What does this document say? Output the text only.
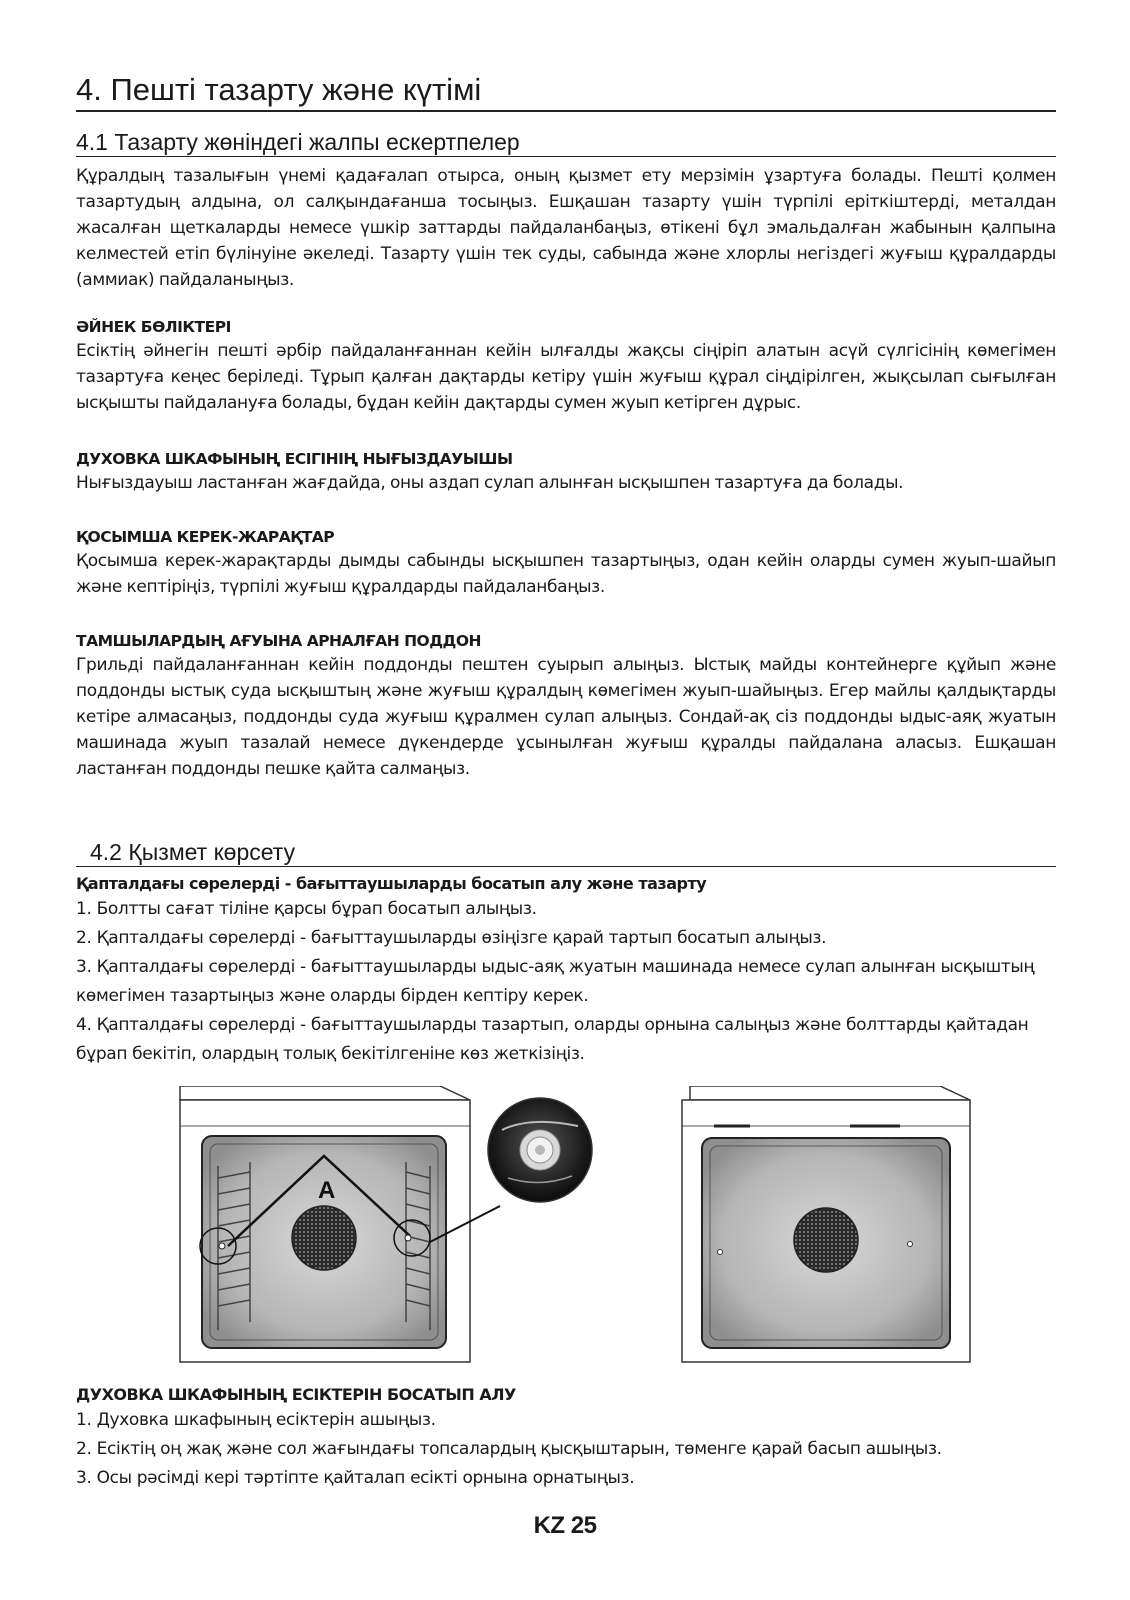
4. Пешті тазарту және күтімі
4.1 Тазарту жөніндегі жалпы ескертпелер

Құралдың тазалығын үнемі қадағалап отырса, оның қызмет ету мерзімін ұзартуға болады. Пешті қолмен тазартудың алдына, ол салқындағанша тосыңыз. Ешқашан тазарту үшін түрпілі еріткіштерді, металдан жасалған щеткаларды немесе үшкір заттарды пайдаланбаңыз, өтікені бұл эмальдалған жабынын қалпына келместей етіп бүлінуіне әкеледі. Тазарту үшін тек суды, сабында және хлорлы негіздегі жуғыш құралдарды (аммиак) пайдаланыңыз.

ӘЙНЕК БӨЛІКТЕРІ

Есіктің әйнегін пешті әрбір пайдаланғаннан кейін ылғалды жақсы сіңіріп алатын асүй сүлгісінің көмегімен тазартуға кеңес беріледі. Тұрып қалған дақтарды кетіру үшін жуғыш құрал сіңдірілген, жықсылап сығылған ысқышты пайдалануға болады, бұдан кейін дақтарды сумен жуып кетірген дұрыс.

ДУХОВКА ШКАФЫНЫҢ ЕСІГІНІҢ НЫҒЫЗДАУЫШЫ

Нығыздауыш ластанған жағдайда, оны аздап сулап алынған ысқышпен тазартуға да болады.

ҚОСЫМША КЕРЕК-ЖАРАҚТАР

Қосымша керек-жарақтарды дымды сабынды ысқышпен тазартыңыз, одан кейін оларды сумен жуып-шайып және кептіріңіз, түрпілі жуғыш құралдарды пайдаланбаңыз.

ТАМШЫЛАРДЫҢ АҒУЫНА АРНАЛҒАН ПОДДОН

Грильді пайдаланғаннан кейін поддонды пештен суырып алыңыз. Ыстық майды контейнерге құйып және поддонды ыстық суда ысқыштың және жуғыш құралдың көмегімен жуып-шайыңыз. Егер майлы қалдықтарды кетіре алмасаңыз, поддонды суда жуғыш құралмен сулап алыңыз. Сондай-ақ сіз поддонды ыдыс-аяқ жуатын машинада жуып тазалай немесе дүкендерде ұсынылған жуғыш құралды пайдалана аласыз. Ешқашан ластанған поддонды пешке қайта салмаңыз.

4.2 Қызмет көрсету

Қапталдағы сөрелерді - бағыттаушыларды босатып алу және тазарту

1. Болтты сағат тіліне қарсы бұрап босатып алыңыз.

2. Қапталдағы сөрелерді - бағыттаушыларды өзіңізге қарай тартып босатып алыңыз.

3. Қапталдағы сөрелерді - бағыттаушыларды ыдыс-аяқ жуатын машинада немесе сулап алынған ысқыштың көмегімен тазартыңыз және оларды бірден кептіру керек.

4. Қапталдағы сөрелерді - бағыттаушыларды тазартып, оларды орнына салыңыз және болттарды қайтадан бұрап бекітіп, олардың толық бекітілгеніне көз жеткізіңіз.

ДУХОВКА ШКАФЫНЫҢ ЕСІКТЕРІН БОСАТЫП АЛУ

1. Духовка шкафының есіктерін ашыңыз.

2. Есіктің оң жақ және сол жағындағы топсалардың қысқыштарын, төменге қарай басып ашыңыз.

3. Осы рәсімді кері тәртіпте қайталап есікті орнына орнатыңыз.

A
KZ 25
